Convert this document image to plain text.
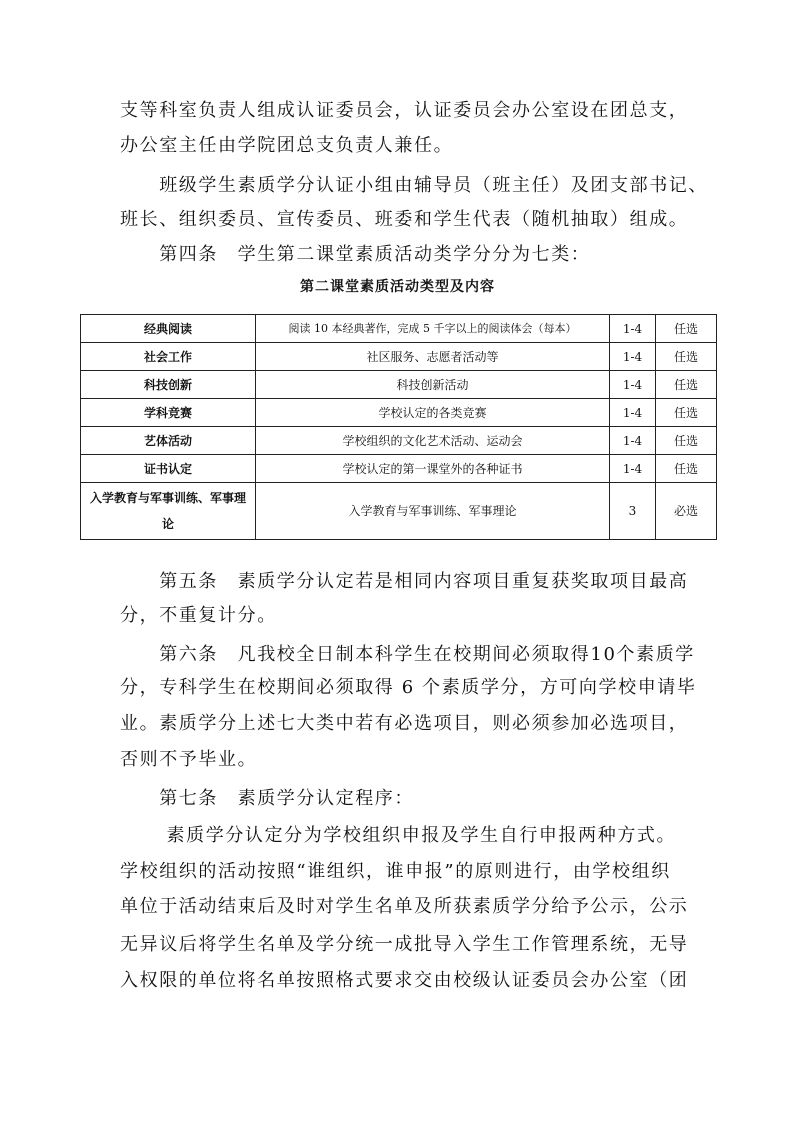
支等科室负责人组成认证委员会，认证委员会办公室设在团总支，

办公室主任由学院团总支负责人兼任。

　　班级学生素质学分认证小组由辅导员（班主任）及团支部书记、

班长、组织委员、宣传委员、班委和学生代表（随机抽取）组成。

　　第四条　学生第二课堂素质活动类学分分为七类：

第二课堂素质活动类型及内容
经典阅读	阅读 10 本经典著作，完成 5 千字以上的阅读体会（每本）	1-4	任选
社会工作	社区服务、志愿者活动等	1-4	任选
科技创新	科技创新活动	1-4	任选
学科竞赛	学校认定的各类竞赛	1-4	任选
艺体活动	学校组织的文化艺术活动、运动会	1-4	任选
证书认定	学校认定的第一课堂外的各种证书	1-4	任选
入学教育与军事训练、军事理论	入学教育与军事训练、军事理论	3	必选

　　第五条　素质学分认定若是相同内容项目重复获奖取项目最高

分，不重复计分。

　　第六条　凡我校全日制本科学生在校期间必须取得10个素质学

分，专科学生在校期间必须取得 6 个素质学分，方可向学校申请毕

业。素质学分上述七大类中若有必选项目，则必须参加必选项目，

否则不予毕业。

　　第七条　素质学分认定程序：

　　 素质学分认定分为学校组织申报及学生自行申报两种方式。

学校组织的活动按照“谁组织，谁申报”的原则进行，由学校组织

单位于活动结束后及时对学生名单及所获素质学分给予公示，公示

无异议后将学生名单及学分统一成批导入学生工作管理系统，无导

入权限的单位将名单按照格式要求交由校级认证委员会办公室（团
